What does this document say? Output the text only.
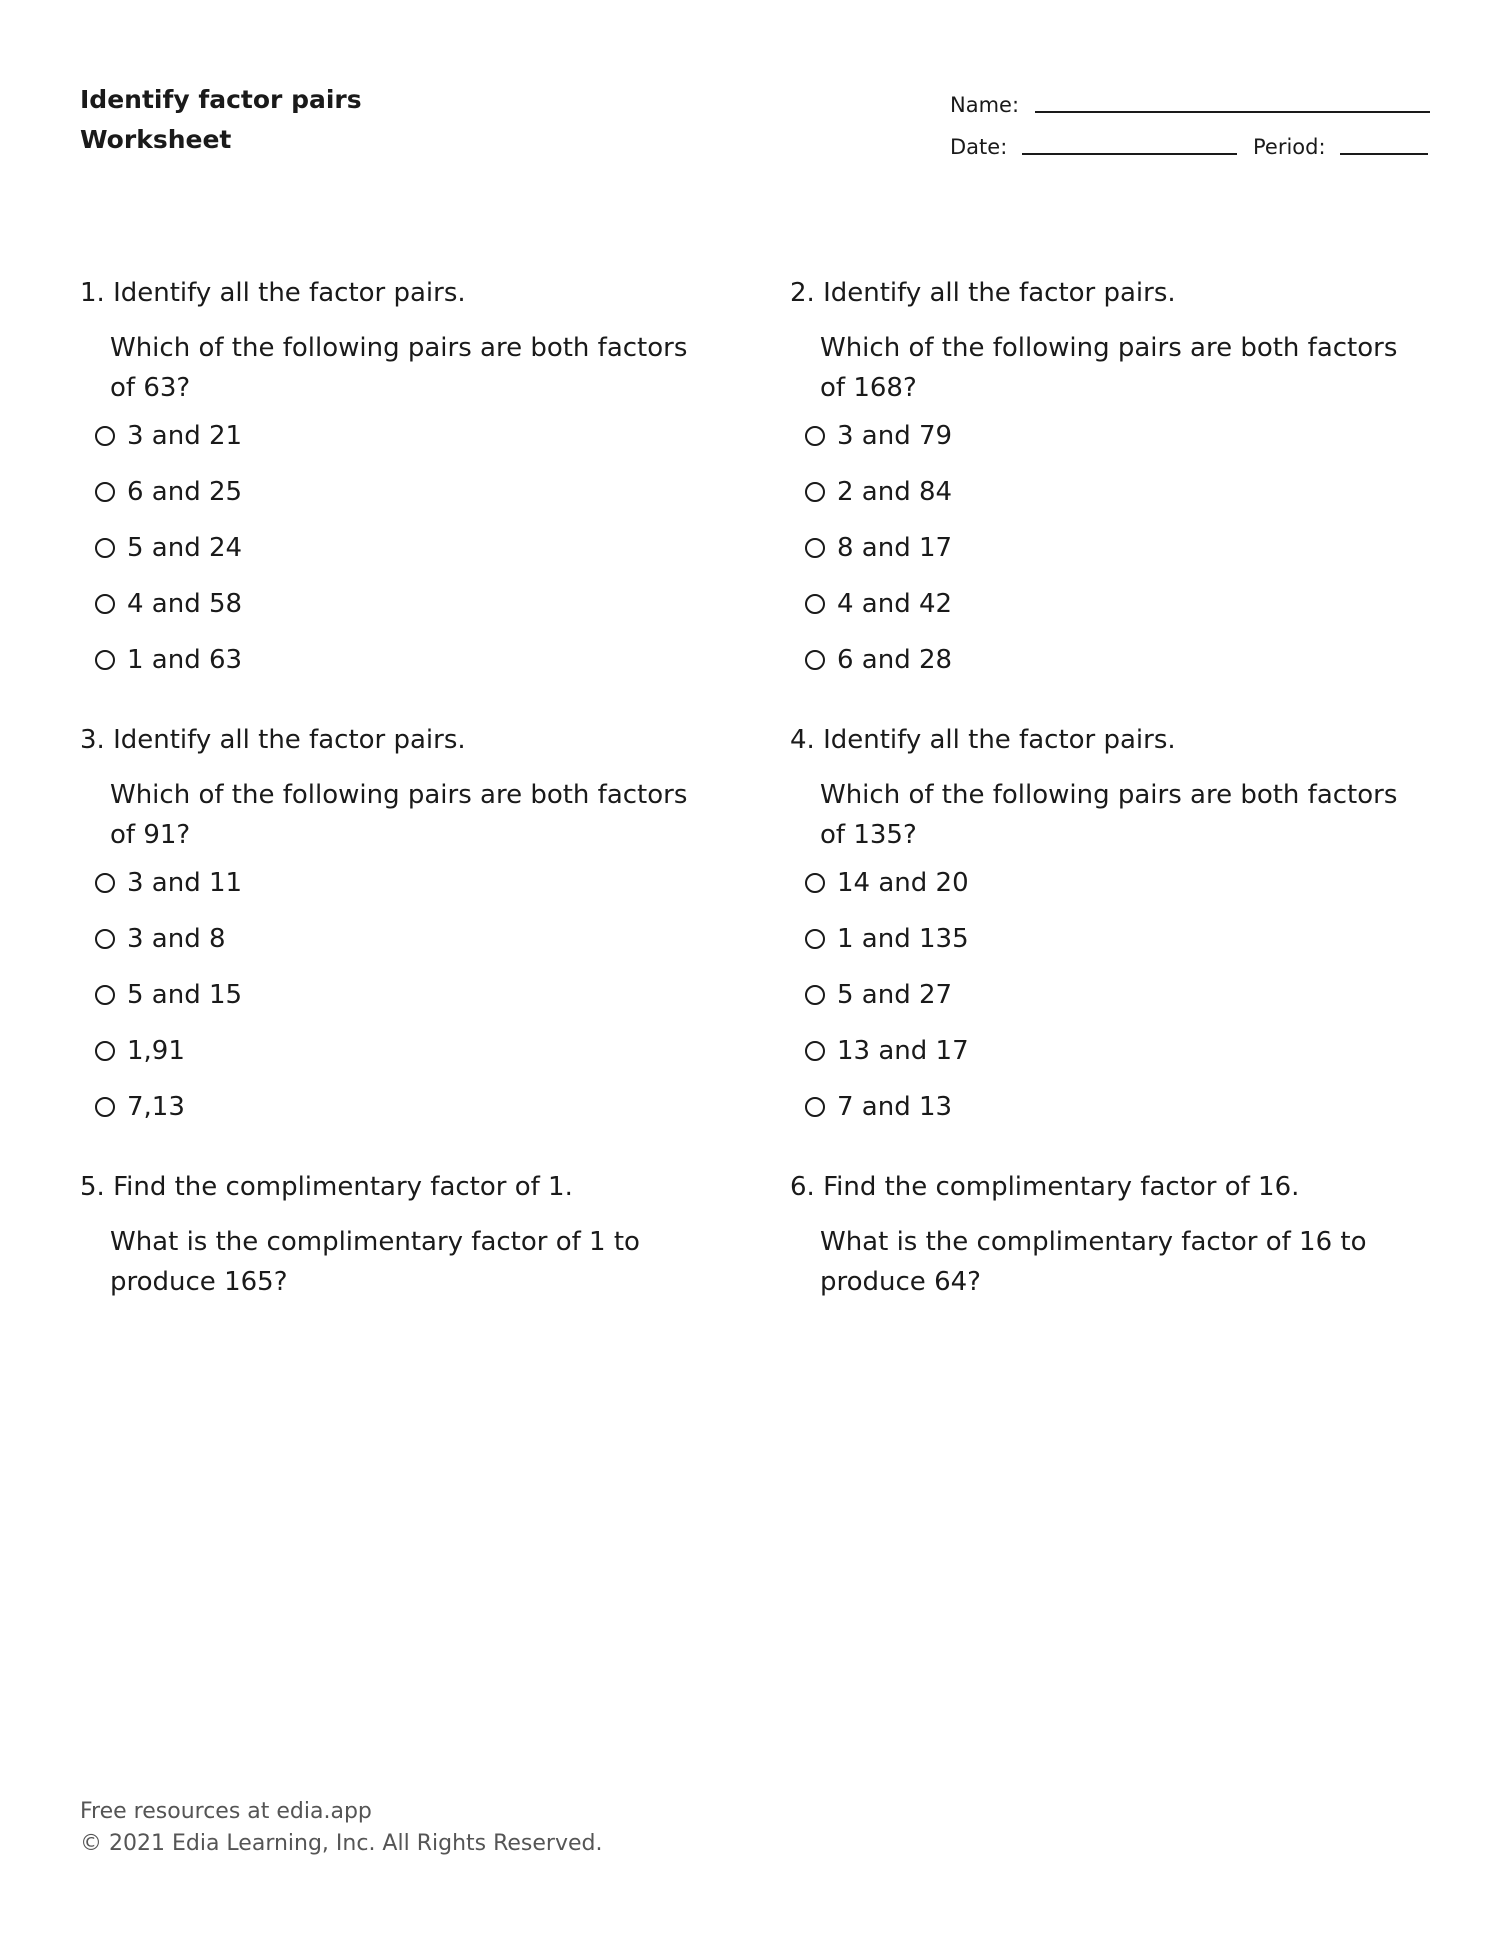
Identify factor pairs
Worksheet
Name:
Date:	Period:
1. Identify all the factor pairs.
Which of the following pairs are both factors of 63?
3 and 21
6 and 25
5 and 24
4 and 58
1 and 63
2. Identify all the factor pairs.
Which of the following pairs are both factors of 168?
3 and 79
2 and 84
8 and 17
4 and 42
6 and 28
3. Identify all the factor pairs.
Which of the following pairs are both factors of 91?
3 and 11
3 and 8
5 and 15
1,91
7,13
4. Identify all the factor pairs.
Which of the following pairs are both factors of 135?
14 and 20
1 and 135
5 and 27
13 and 17
7 and 13
5. Find the complimentary factor of 1.
What is the complimentary factor of 1 to produce 165?
6. Find the complimentary factor of 16.
What is the complimentary factor of 16 to produce 64?
Free resources at edia.app
© 2021 Edia Learning, Inc. All Rights Reserved.
